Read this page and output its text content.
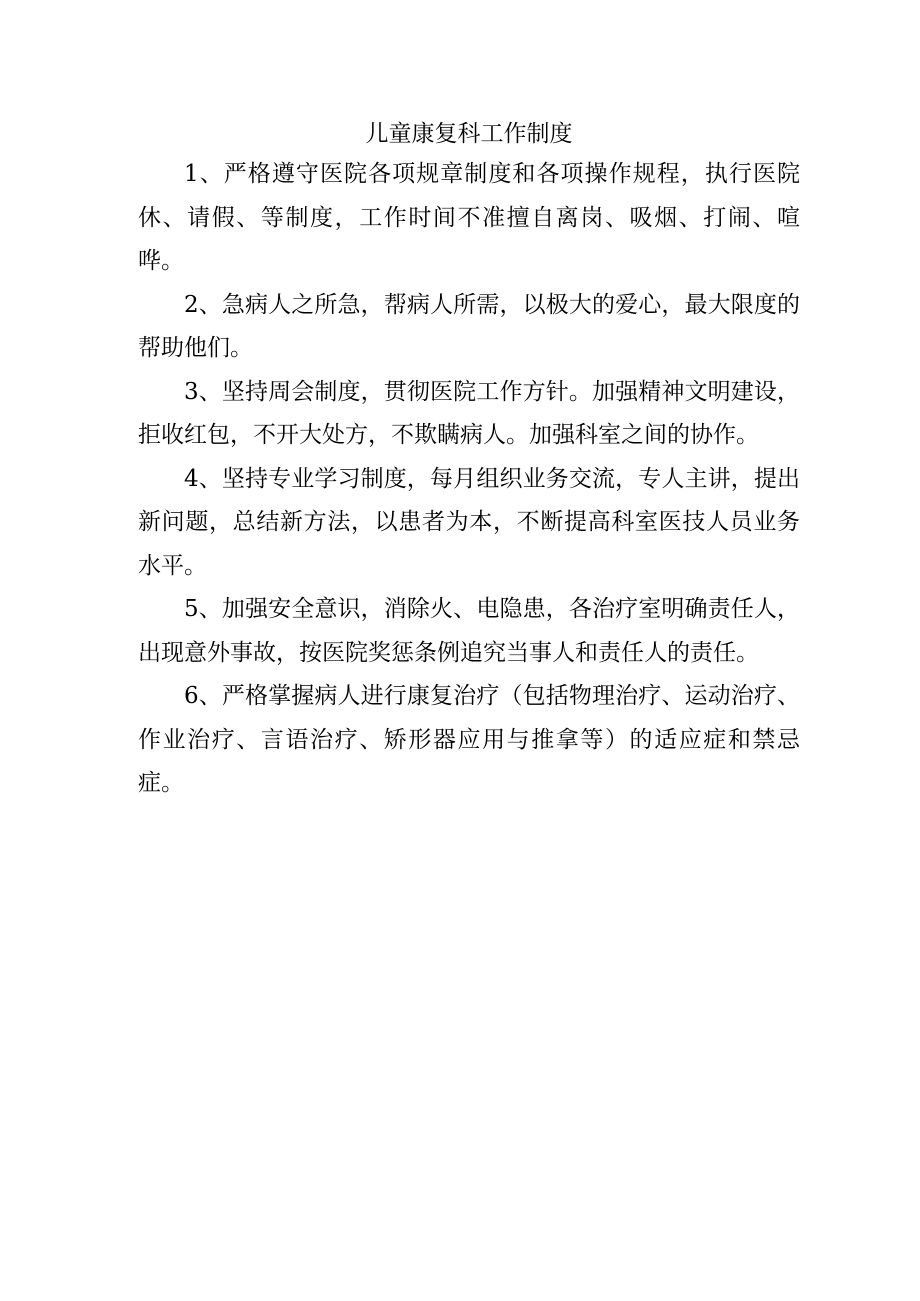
儿童康复科工作制度

1、严格遵守医院各项规章制度和各项操作规程，执行医院休、请假、等制度，工作时间不准擅自离岗、吸烟、打闹、喧哗。

2、急病人之所急，帮病人所需，以极大的爱心，最大限度的帮助他们。

3、坚持周会制度，贯彻医院工作方针。加强精神文明建设，拒收红包，不开大处方，不欺瞒病人。加强科室之间的协作。

4、坚持专业学习制度，每月组织业务交流，专人主讲，提出新问题，总结新方法，以患者为本，不断提高科室医技人员业务水平。

5、加强安全意识，消除火、电隐患，各治疗室明确责任人，出现意外事故，按医院奖惩条例追究当事人和责任人的责任。

6、严格掌握病人进行康复治疗（包括物理治疗、运动治疗、作业治疗、言语治疗、矫形器应用与推拿等）的适应症和禁忌症。
